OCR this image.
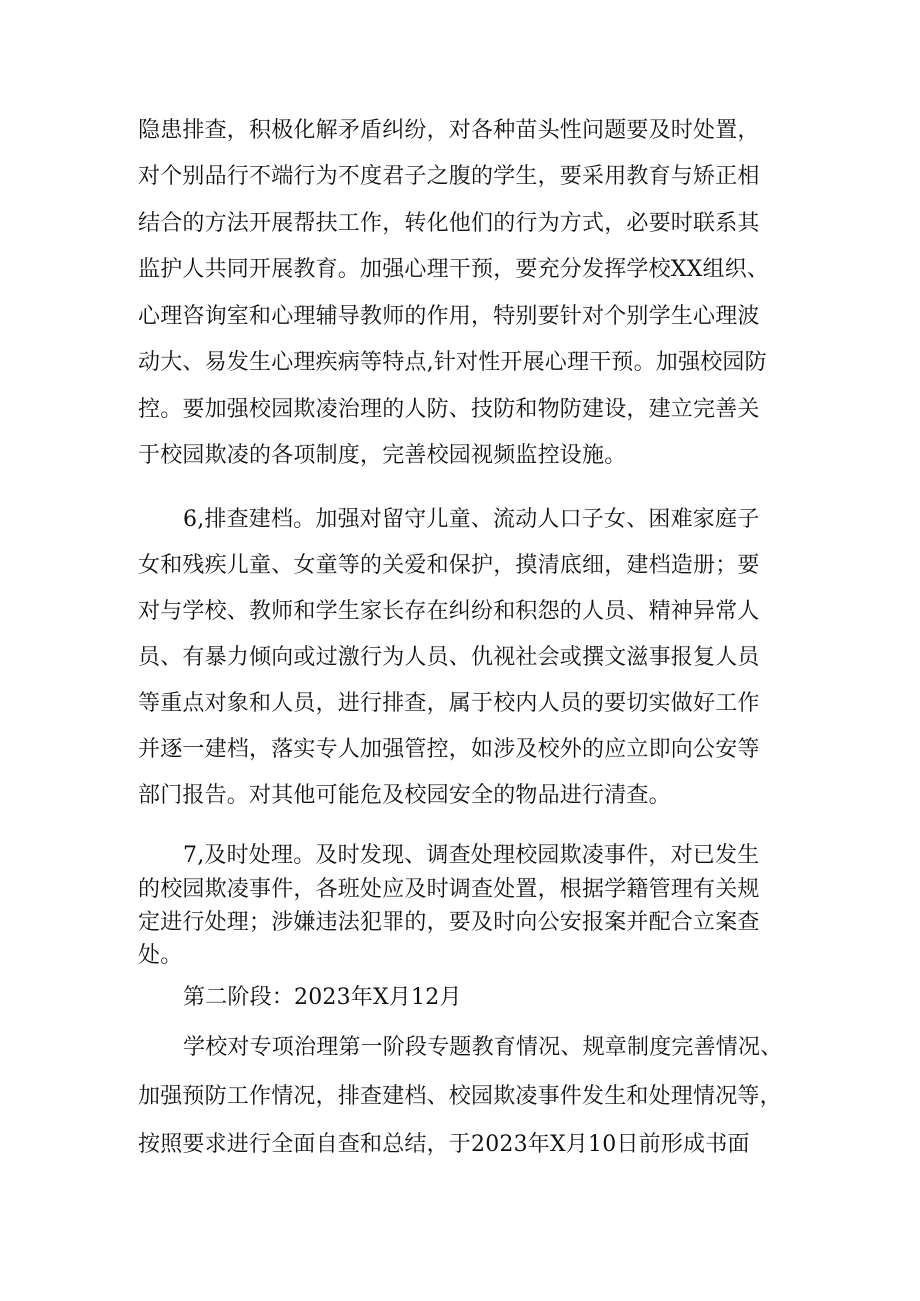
隐患排查，积极化解矛盾纠纷，对各种苗头性问题要及时处置，
对个别品行不端行为不度君子之腹的学生，要采用教育与矫正相
结合的方法开展帮扶工作，转化他们的行为方式，必要时联系其
监护人共同开展教育。加强心理干预，要充分发挥学校XX组织、
心理咨询室和心理辅导教师的作用，特别要针对个别学生心理波
动大、易发生心理疾病等特点,针对性开展心理干预。加强校园防
控。要加强校园欺凌治理的人防、技防和物防建设，建立完善关
于校园欺凌的各项制度，完善校园视频监控设施。
6,排查建档。加强对留守儿童、流动人口子女、困难家庭子
女和残疾儿童、女童等的关爱和保护，摸清底细，建档造册；要
对与学校、教师和学生家长存在纠纷和积怨的人员、精神异常人
员、有暴力倾向或过激行为人员、仇视社会或撰文滋事报复人员
等重点对象和人员，进行排查，属于校内人员的要切实做好工作
并逐一建档，落实专人加强管控，如涉及校外的应立即向公安等
部门报告。对其他可能危及校园安全的物品进行清查。
7,及时处理。及时发现、调查处理校园欺凌事件，对已发生
的校园欺凌事件，各班处应及时调查处置，根据学籍管理有关规
定进行处理；涉嫌违法犯罪的，要及时向公安报案并配合立案查
处。
第二阶段：2023年X月12月
学校对专项治理第一阶段专题教育情况、规章制度完善情况、
加强预防工作情况，排查建档、校园欺凌事件发生和处理情况等，
按照要求进行全面自查和总结，于2023年X月10日前形成书面
